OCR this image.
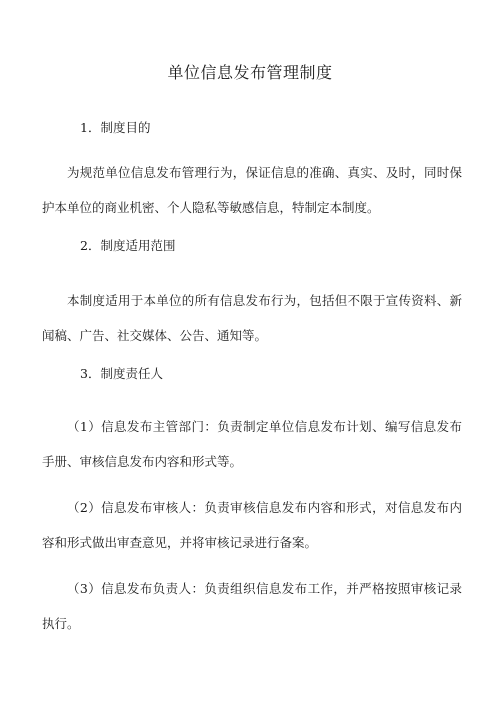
单位信息发布管理制度
1．制度目的

为规范单位信息发布管理行为，保证信息的准确、真实、及时，同时保护本单位的商业机密、个人隐私等敏感信息，特制定本制度。

2．制度适用范围

本制度适用于本单位的所有信息发布行为，包括但不限于宣传资料、新闻稿、广告、社交媒体、公告、通知等。

3．制度责任人

（1）信息发布主管部门：负责制定单位信息发布计划、编写信息发布手册、审核信息发布内容和形式等。

（2）信息发布审核人：负责审核信息发布内容和形式，对信息发布内容和形式做出审查意见，并将审核记录进行备案。

（3）信息发布负责人：负责组织信息发布工作，并严格按照审核记录执行。
